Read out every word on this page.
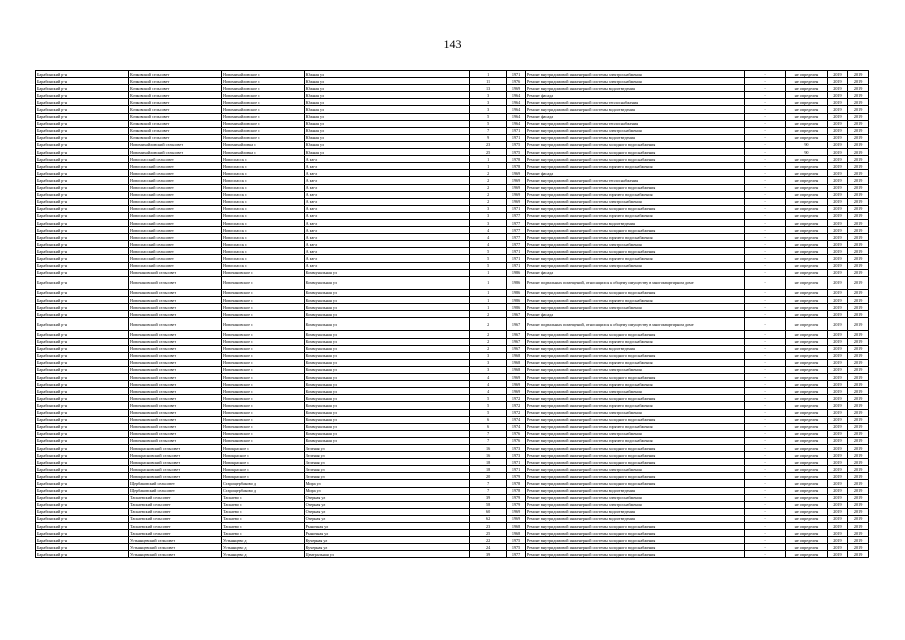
143
Барабинский р-н	Кочковский сельсовет	Новомихайловское с	Южная ул	1	1971	Ремонт внутридомовой инженерной системы электроснабжения	-	не определен	2019	2019
Барабинский р-н	Кочковский сельсовет	Новомихайловское с	Южная ул	11	1976	Ремонт внутридомовой инженерной системы электроснабжения	-	не определен	2019	2019
Барабинский р-н	Кочковский сельсовет	Новомихайловское с	Южная ул	13	1969	Ремонт внутридомовой инженерной системы водоотведения	-	не определен	2019	2019
Барабинский р-н	Кочковский сельсовет	Новомихайловское с	Южная ул	3	1964	Ремонт фасада	-	не определен	2019	2019
Барабинский р-н	Кочковский сельсовет	Новомихайловское с	Южная ул	3	1964	Ремонт внутридомовой инженерной системы теплоснабжения	-	не определен	2019	2019
Барабинский р-н	Кочковский сельсовет	Новомихайловское с	Южная ул	3	1964	Ремонт внутридомовой инженерной системы водоотведения	-	не определен	2019	2019
Барабинский р-н	Кочковский сельсовет	Новомихайловское с	Южная ул	5	1964	Ремонт фасада	-	не определен	2019	2019
Барабинский р-н	Кочковский сельсовет	Новомихайловское с	Южная ул	5	1964	Ремонт внутридомовой инженерной системы теплоснабжения	-	не определен	2019	2019
Барабинский р-н	Кочковский сельсовет	Новомихайловское с	Южная ул	7	1971	Ремонт внутридомовой инженерной системы электроснабжения	-	не определен	2019	2019
Барабинский р-н	Кочковский сельсовет	Новомихайловское с	Южная ул	9	1971	Ремонт внутридомовой инженерной системы водоотведения	-	не определен	2019	2019
Барабинский р-н	Новомихайловский сельсовет	Новомихайловка с	Южная ул	23	1975	Ремонт внутридомовой инженерной системы холодного водоснабжения	-	90	2019	2019
Барабинский р-н	Новомихайловский сельсовет	Новомихайловка с	Южная ул	25	1975	Ремонт внутридомовой инженерной системы холодного водоснабжения	-	90	2019	2019
Барабинский р-н	Новоспасский сельсовет	Новоспасск с	А кв-л	1	1978	Ремонт внутридомовой инженерной системы холодного водоснабжения	-	не определен	2019	2019
Барабинский р-н	Новоспасский сельсовет	Новоспасск с	А кв-л	1	1978	Ремонт внутридомовой инженерной системы горячего водоснабжения	-	не определен	2019	2019
Барабинский р-н	Новоспасский сельсовет	Новоспасск с	А кв-л	2	1969	Ремонт фасада	-	не определен	2019	2019
Барабинский р-н	Новоспасский сельсовет	Новоспасск с	А кв-л	2	1969	Ремонт внутридомовой инженерной системы теплоснабжения	-	не определен	2019	2019
Барабинский р-н	Новоспасский сельсовет	Новоспасск с	А кв-л	2	1969	Ремонт внутридомовой инженерной системы холодного водоснабжения	-	не определен	2019	2019
Барабинский р-н	Новоспасский сельсовет	Новоспасск с	А кв-л	2	1969	Ремонт внутридомовой инженерной системы горячего водоснабжения	-	не определен	2019	2019
Барабинский р-н	Новоспасский сельсовет	Новоспасск с	А кв-л	2	1969	Ремонт внутридомовой инженерной системы электроснабжения	-	не определен	2019	2019
Барабинский р-н	Новоспасский сельсовет	Новоспасск с	А кв-л	3	1971	Ремонт внутридомовой инженерной системы холодного водоснабжения	-	не определен	2019	2019
Барабинский р-н	Новоспасский сельсовет	Новоспасск с	А кв-л	3	1977	Ремонт внутридомовой инженерной системы горячего водоснабжения	-	не определен	2019	2019
Барабинский р-н	Новоспасский сельсовет	Новоспасск с	А кв-л	3	1977	Ремонт внутридомовой инженерной системы водоотведения	-	не определен	2019	2019
Барабинский р-н	Новоспасский сельсовет	Новоспасск с	А кв-л	4	1977	Ремонт внутридомовой инженерной системы холодного водоснабжения	-	не определен	2019	2019
Барабинский р-н	Новоспасский сельсовет	Новоспасск с	А кв-л	4	1977	Ремонт внутридомовой инженерной системы горячего водоснабжения	-	не определен	2019	2019
Барабинский р-н	Новоспасский сельсовет	Новоспасск с	А кв-л	4	1977	Ремонт внутридомовой инженерной системы электроснабжения	-	не определен	2019	2019
Барабинский р-н	Новоспасский сельсовет	Новоспасск с	А кв-л	5	1971	Ремонт внутридомовой инженерной системы холодного водоснабжения	-	не определен	2019	2019
Барабинский р-н	Новоспасский сельсовет	Новоспасск с	А кв-л	5	1971	Ремонт внутридомовой инженерной системы горячего водоснабжения	-	не определен	2019	2019
Барабинский р-н	Новоспасский сельсовет	Новоспасск с	А кв-л	5	1971	Ремонт внутридомовой инженерной системы электроснабжения	-	не определен	2019	2019
Барабинский р-н	Новочановский сельсовет	Новочановское с	Коммунальная ул	1	1986	Ремонт фасада	-	не определен	2019	2019
Барабинский р-н	Новочановский сельсовет	Новочановское с	Коммунальная ул	1	1986	Ремонт подвальных помещений, относящихся к общему имуществу в многоквартирном доме	-	не определен	2019	2019
Барабинский р-н	Новочановский сельсовет	Новочановское с	Коммунальная ул	1	1986	Ремонт внутридомовой инженерной системы холодного водоснабжения	-	не определен	2019	2019
Барабинский р-н	Новочановский сельсовет	Новочановское с	Коммунальная ул	1	1986	Ремонт внутридомовой инженерной системы горячего водоснабжения	-	не определен	2019	2019
Барабинский р-н	Новочановский сельсовет	Новочановское с	Коммунальная ул	1	1986	Ремонт внутридомовой инженерной системы электроснабжения	-	не определен	2019	2019
Барабинский р-н	Новочановский сельсовет	Новочановское с	Коммунальная ул	2	1967	Ремонт фасада	-	не определен	2019	2019
Барабинский р-н	Новочановский сельсовет	Новочановское с	Коммунальная ул	2	1967	Ремонт подвальных помещений, относящихся к общему имуществу в многоквартирном доме	-	не определен	2019	2019
Барабинский р-н	Новочановский сельсовет	Новочановское с	Коммунальная ул	2	1967	Ремонт внутридомовой инженерной системы холодного водоснабжения	-	не определен	2019	2019
Барабинский р-н	Новочановский сельсовет	Новочановское с	Коммунальная ул	2	1967	Ремонт внутридомовой инженерной системы горячего водоснабжения	-	не определен	2019	2019
Барабинский р-н	Новочановский сельсовет	Новочановское с	Коммунальная ул	2	1967	Ремонт внутридомовой инженерной системы водоотведения	-	не определен	2019	2019
Барабинский р-н	Новочановский сельсовет	Новочановское с	Коммунальная ул	3	1968	Ремонт внутридомовой инженерной системы холодного водоснабжения	-	не определен	2019	2019
Барабинский р-н	Новочановский сельсовет	Новочановское с	Коммунальная ул	3	1968	Ремонт внутридомовой инженерной системы горячего водоснабжения	-	не определен	2019	2019
Барабинский р-н	Новочановский сельсовет	Новочановское с	Коммунальная ул	3	1968	Ремонт внутридомовой инженерной системы электроснабжения	-	не определен	2019	2019
Барабинский р-н	Новочановский сельсовет	Новочановское с	Коммунальная ул	4	1969	Ремонт внутридомовой инженерной системы холодного водоснабжения	-	не определен	2019	2019
Барабинский р-н	Новочановский сельсовет	Новочановское с	Коммунальная ул	4	1969	Ремонт внутридомовой инженерной системы горячего водоснабжения	-	не определен	2019	2019
Барабинский р-н	Новочановский сельсовет	Новочановское с	Коммунальная ул	4	1969	Ремонт внутридомовой инженерной системы электроснабжения	-	не определен	2019	2019
Барабинский р-н	Новочановский сельсовет	Новочановское с	Коммунальная ул	5	1972	Ремонт внутридомовой инженерной системы холодного водоснабжения	-	не определен	2019	2019
Барабинский р-н	Новочановский сельсовет	Новочановское с	Коммунальная ул	5	1972	Ремонт внутридомовой инженерной системы горячего водоснабжения	-	не определен	2019	2019
Барабинский р-н	Новочановский сельсовет	Новочановское с	Коммунальная ул	5	1972	Ремонт внутридомовой инженерной системы электроснабжения	-	не определен	2019	2019
Барабинский р-н	Новочановский сельсовет	Новочановское с	Коммунальная ул	6	1974	Ремонт внутридомовой инженерной системы холодного водоснабжения	-	не определен	2019	2019
Барабинский р-н	Новочановский сельсовет	Новочановское с	Коммунальная ул	6	1974	Ремонт внутридомовой инженерной системы горячего водоснабжения	-	не определен	2019	2019
Барабинский р-н	Новочановский сельсовет	Новочановское с	Коммунальная ул	7	1976	Ремонт внутридомовой инженерной системы электроснабжения	-	не определен	2019	2019
Барабинский р-н	Новочановский сельсовет	Новочановское с	Коммунальная ул	7	1976	Ремонт внутридомовой инженерной системы горячего водоснабжения	-	не определен	2019	2019
Барабинский р-н	Новокрасновский сельсовет	Новокрасное с	Зеленая ул	16	1973	Ремонт внутридомовой инженерной системы холодного водоснабжения	-	не определен	2019	2019
Барабинский р-н	Новокрасновский сельсовет	Новокрасное с	Зеленая ул	16	1973	Ремонт внутридомовой инженерной системы холодного водоснабжения	-	не определен	2019	2019
Барабинский р-н	Новокрасновский сельсовет	Новокрасное с	Зеленая ул	18	1971	Ремонт внутридомовой инженерной системы холодного водоснабжения	-	не определен	2019	2019
Барабинский р-н	Новокрасновский сельсовет	Новокрасное с	Зеленая ул	18	1971	Ремонт внутридомовой инженерной системы электроснабжения	-	не определен	2019	2019
Барабинский р-н	Новокрасновский сельсовет	Новокрасное с	Зеленая ул	20	1979	Ремонт внутридомовой инженерной системы холодного водоснабжения	-	не определен	2019	2019
Барабинский р-н	Щербаковский сельсовет	Старощербаково д	Мира ул	7	1978	Ремонт внутридомовой инженерной системы холодного водоснабжения	-	не определен	2019	2019
Барабинский р-н	Щербаковский сельсовет	Старощербаково д	Мира ул	7	1978	Ремонт внутридомовой инженерной системы водоотведения	-	не определен	2019	2019
Барабинский р-н	Таскаевский сельсовет	Таскаево с	Озерная ул	39	1979	Ремонт внутридомовой инженерной системы электроснабжения	-	не определен	2019	2019
Барабинский р-н	Таскаевский сельсовет	Таскаево с	Озерная ул	58	1979	Ремонт внутридомовой инженерной системы электроснабжения	-	не определен	2019	2019
Барабинский р-н	Таскаевский сельсовет	Таскаево с	Озерная ул	60	1969	Ремонт внутридомовой инженерной системы водоотведения	-	не определен	2019	2019
Барабинский р-н	Таскаевский сельсовет	Таскаево с	Озерная ул	62	1969	Ремонт внутридомовой инженерной системы водоотведения	-	не определен	2019	2019
Барабинский р-н	Таскаевский сельсовет	Таскаево с	Рыночная ул	23	1968	Ремонт внутридомовой инженерной системы холодного водоснабжения	-	не определен	2019	2019
Барабинский р-н	Таскаевский сельсовет	Таскаево с	Рыночная ул	25	1968	Ремонт внутридомовой инженерной системы холодного водоснабжения	-	не определен	2019	2019
Барабинский р-н	Устьянцевский сельсовет	Устьянцево д	Кучерная ул	22	1975	Ремонт внутридомовой инженерной системы холодного водоснабжения	-	не определен	2019	2019
Барабинский р-н	Устьянцевский сельсовет	Устьянцево д	Кучерная ул	24	1975	Ремонт внутридомовой инженерной системы холодного водоснабжения	-	не определен	2019	2019
Барабинский р-н	Устьянцевский сельсовет	Устьянцево д	Центральная ул	39	1977	Ремонт внутридомовой инженерной системы холодного водоснабжения	-	не определен	2019	2019
